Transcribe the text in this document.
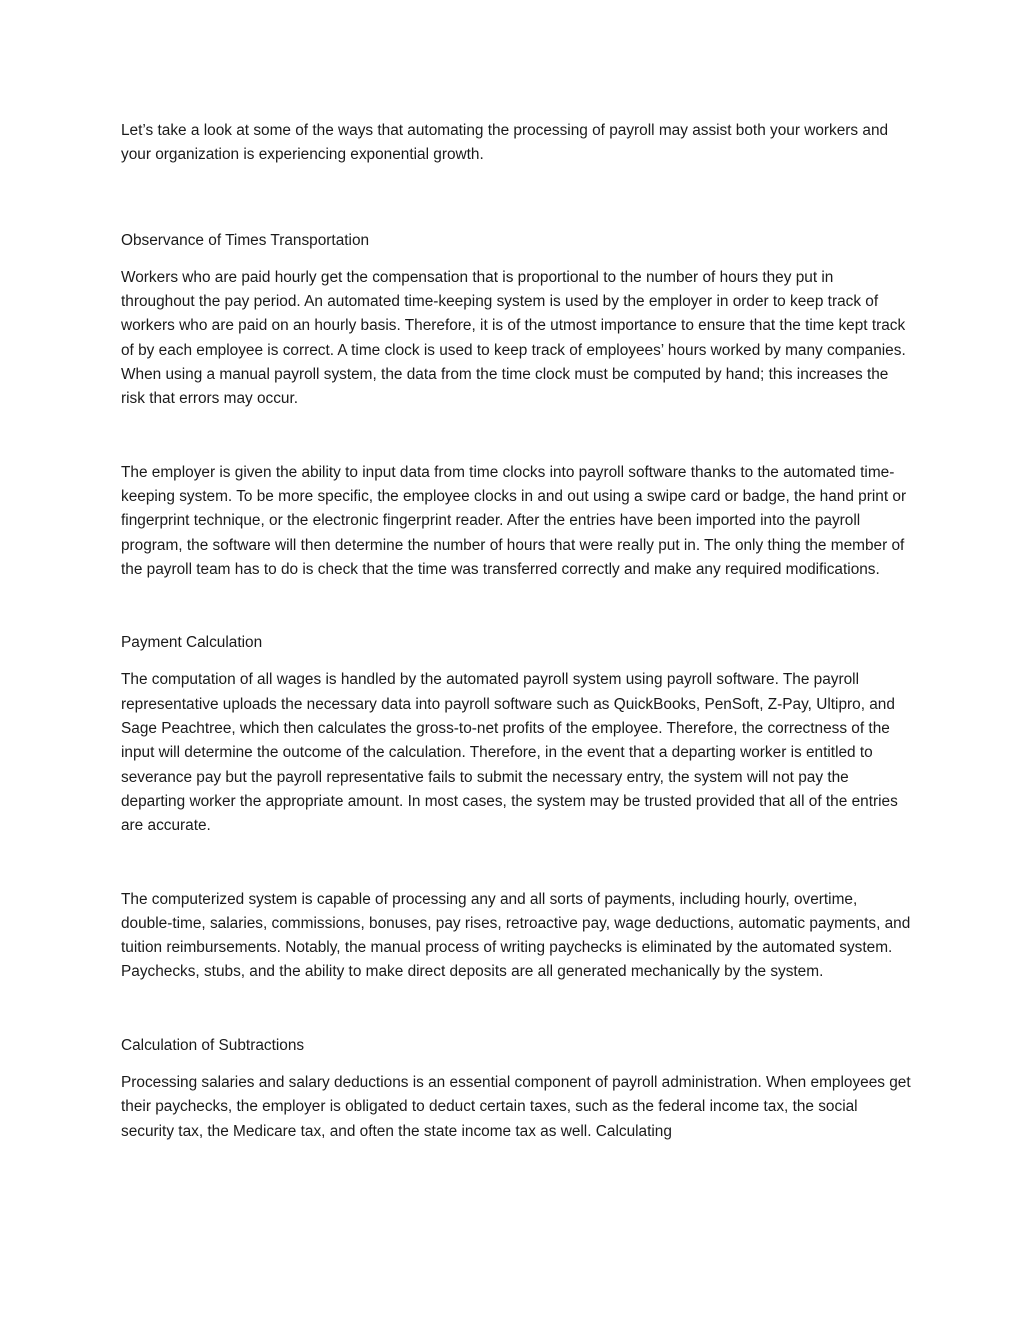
Let’s take a look at some of the ways that automating the processing of payroll may assist both your workers and your organization is experiencing exponential growth.

Observance of Times Transportation

Workers who are paid hourly get the compensation that is proportional to the number of hours they put in throughout the pay period. An automated time-keeping system is used by the employer in order to keep track of workers who are paid on an hourly basis. Therefore, it is of the utmost importance to ensure that the time kept track of by each employee is correct. A time clock is used to keep track of employees’ hours worked by many companies. When using a manual payroll system, the data from the time clock must be computed by hand; this increases the risk that errors may occur.

The employer is given the ability to input data from time clocks into payroll software thanks to the automated time-keeping system. To be more specific, the employee clocks in and out using a swipe card or badge, the hand print or fingerprint technique, or the electronic fingerprint reader. After the entries have been imported into the payroll program, the software will then determine the number of hours that were really put in. The only thing the member of the payroll team has to do is check that the time was transferred correctly and make any required modifications.

Payment Calculation

The computation of all wages is handled by the automated payroll system using payroll software. The payroll representative uploads the necessary data into payroll software such as QuickBooks, PenSoft, Z-Pay, Ultipro, and Sage Peachtree, which then calculates the gross-to-net profits of the employee. Therefore, the correctness of the input will determine the outcome of the calculation. Therefore, in the event that a departing worker is entitled to severance pay but the payroll representative fails to submit the necessary entry, the system will not pay the departing worker the appropriate amount. In most cases, the system may be trusted provided that all of the entries are accurate.

The computerized system is capable of processing any and all sorts of payments, including hourly, overtime, double-time, salaries, commissions, bonuses, pay rises, retroactive pay, wage deductions, automatic payments, and tuition reimbursements. Notably, the manual process of writing paychecks is eliminated by the automated system. Paychecks, stubs, and the ability to make direct deposits are all generated mechanically by the system.

Calculation of Subtractions

Processing salaries and salary deductions is an essential component of payroll administration. When employees get their paychecks, the employer is obligated to deduct certain taxes, such as the federal income tax, the social security tax, the Medicare tax, and often the state income tax as well. Calculating
